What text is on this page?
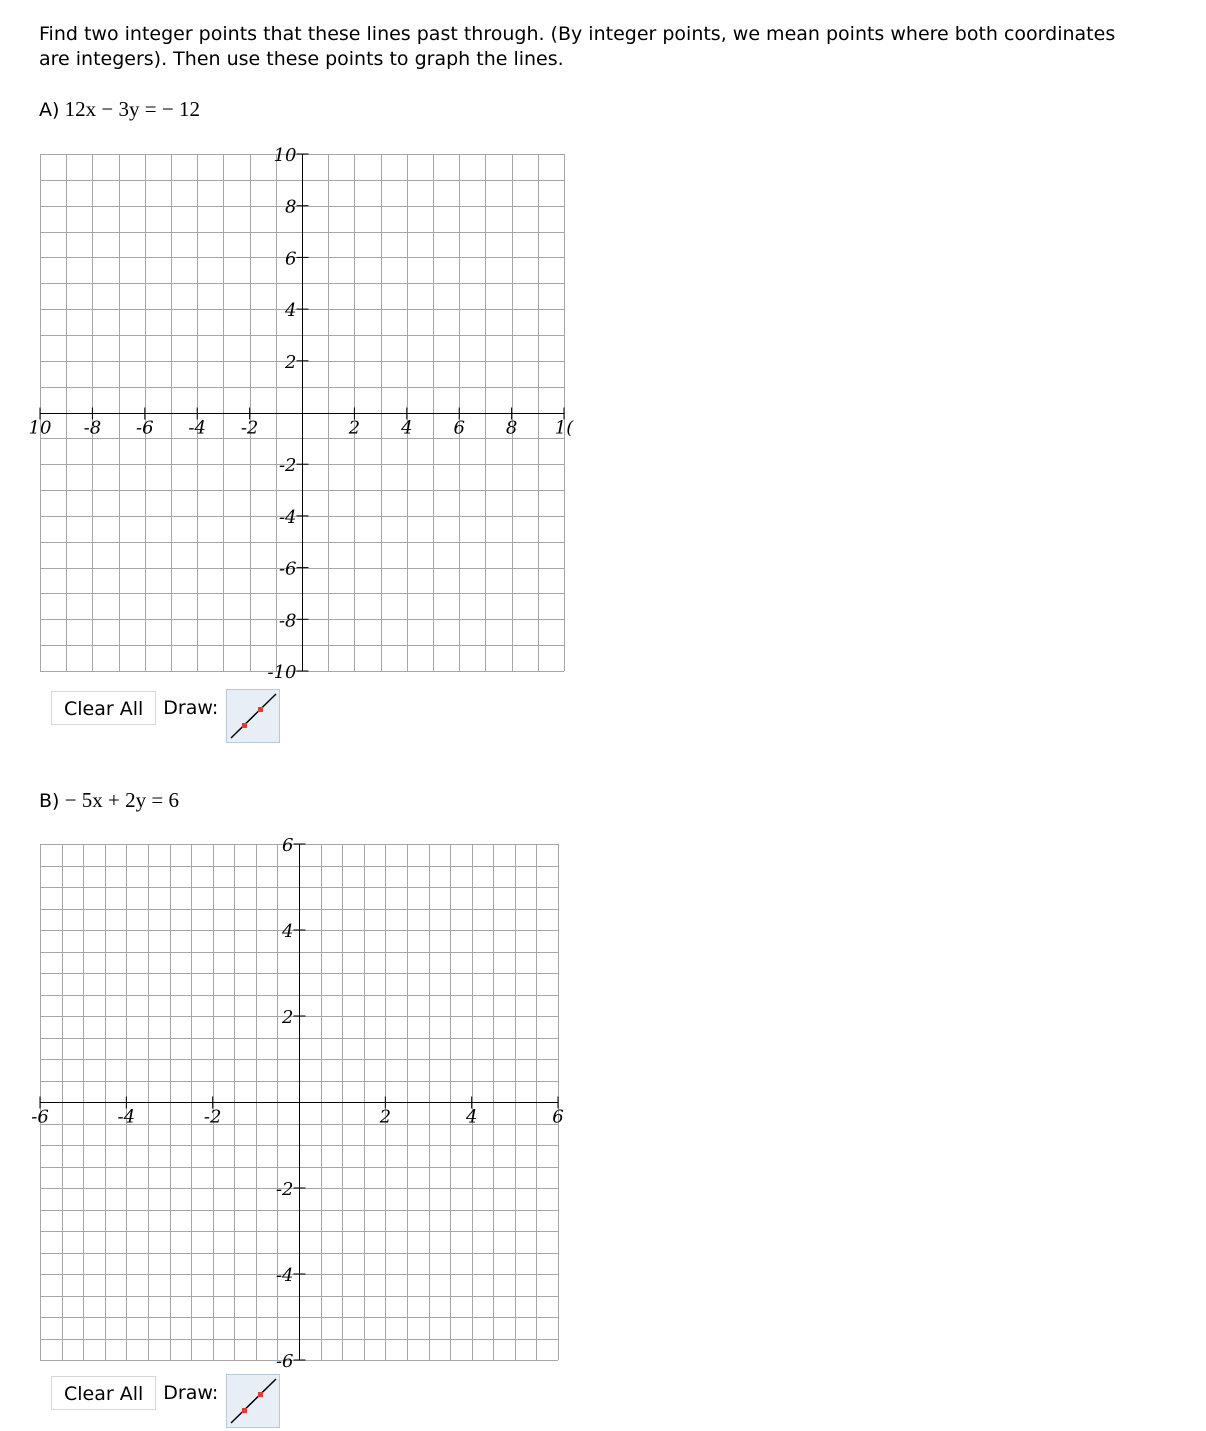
Find two integer points that these lines past through. (By integer points, we mean points where both coordinates are integers). Then use these points to graph the lines.
A) 12x − 3y = − 12
10 -8 -6 -4 -2	2 4 6 8 1(
10
8
6
4
2
-2
-4
-6
-8
-10
Clear All	Draw:
B) − 5x + 2y = 6
-6	-4	-2	2	4	6
6
4
2
-2
-4
-6
Clear All	Draw:
